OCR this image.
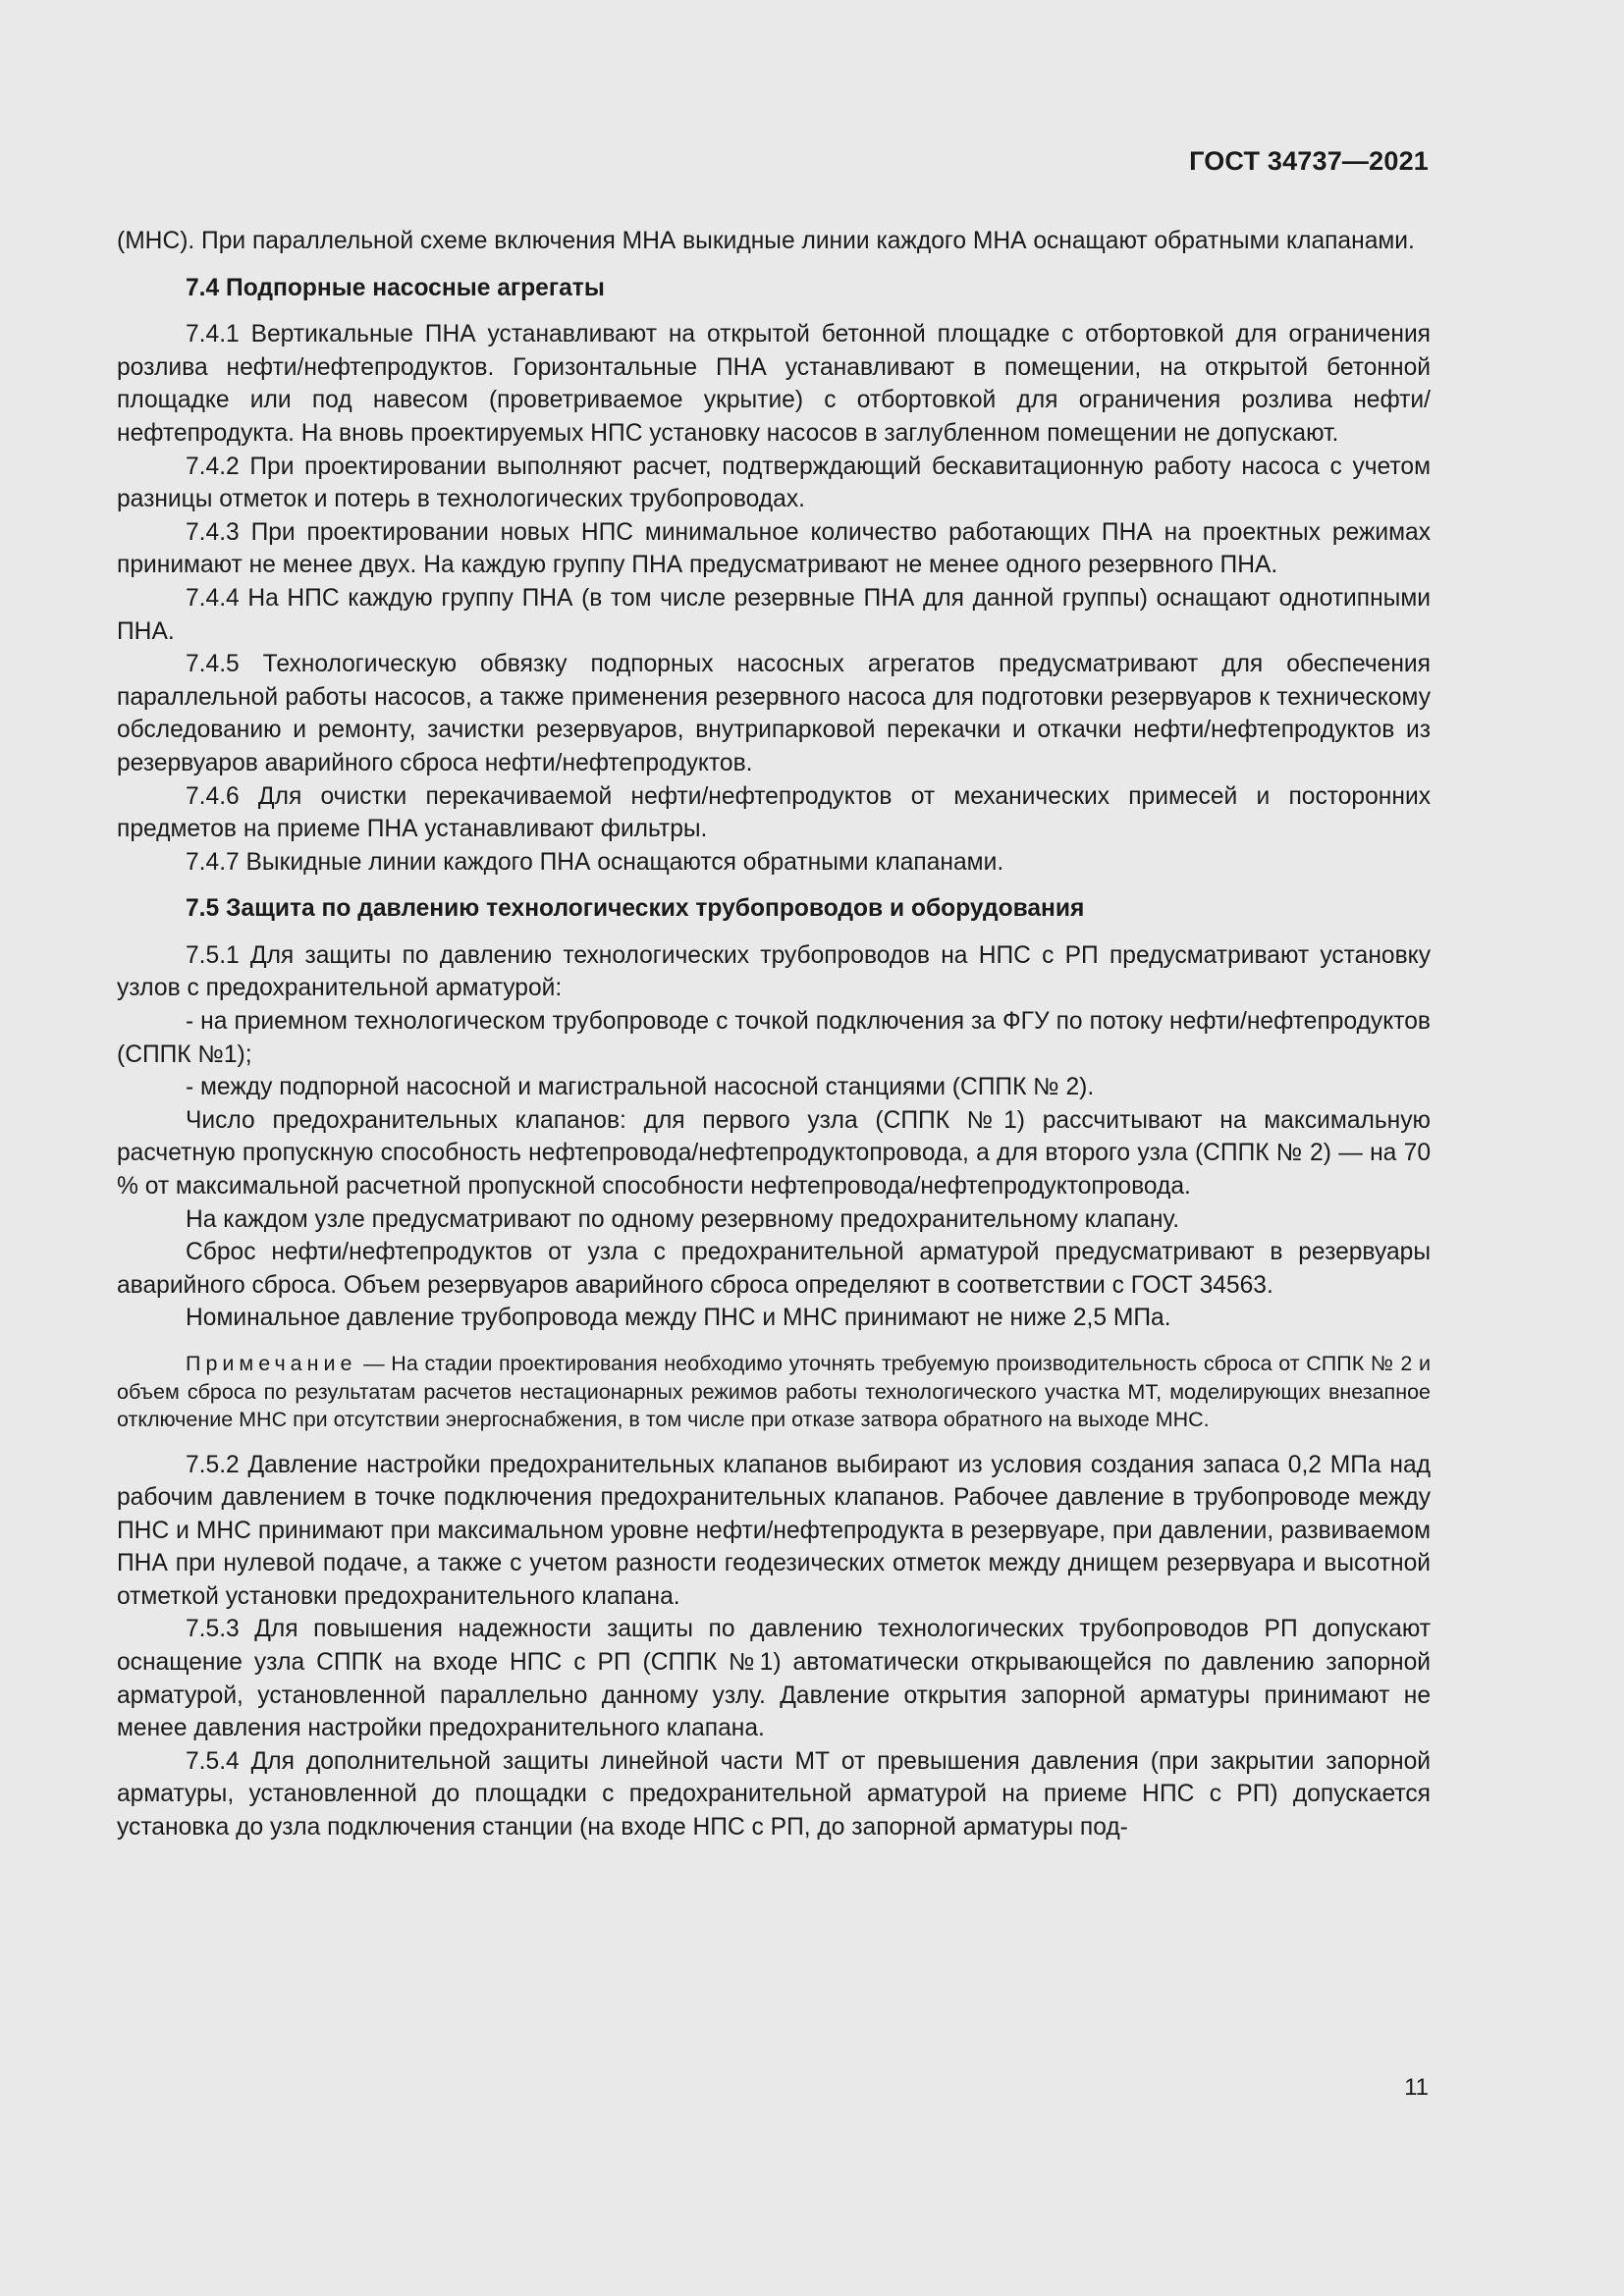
ГОСТ 34737—2021

(МНС). При параллельной схеме включения МНА выкидные линии каждого МНА оснащают обратными клапанами.

7.4 Подпорные насосные агрегаты

7.4.1 Вертикальные ПНА устанавливают на открытой бетонной площадке с отбортовкой для ограничения розлива нефти/нефтепродуктов. Горизонтальные ПНА устанавливают в помещении, на открытой бетонной площадке или под навесом (проветриваемое укрытие) с отбортовкой для ограничения розлива нефти/нефтепродукта. На вновь проектируемых НПС установку насосов в заглубленном помещении не допускают.

7.4.2 При проектировании выполняют расчет, подтверждающий бескавитационную работу насоса с учетом разницы отметок и потерь в технологических трубопроводах.

7.4.3 При проектировании новых НПС минимальное количество работающих ПНА на проектных режимах принимают не менее двух. На каждую группу ПНА предусматривают не менее одного резервного ПНА.

7.4.4 На НПС каждую группу ПНА (в том числе резервные ПНА для данной группы) оснащают однотипными ПНА.

7.4.5 Технологическую обвязку подпорных насосных агрегатов предусматривают для обеспечения параллельной работы насосов, а также применения резервного насоса для подготовки резервуаров к техническому обследованию и ремонту, зачистки резервуаров, внутрипарковой перекачки и откачки нефти/нефтепродуктов из резервуаров аварийного сброса нефти/нефтепродуктов.

7.4.6 Для очистки перекачиваемой нефти/нефтепродуктов от механических примесей и посторонних предметов на приеме ПНА устанавливают фильтры.

7.4.7 Выкидные линии каждого ПНА оснащаются обратными клапанами.

7.5 Защита по давлению технологических трубопроводов и оборудования

7.5.1 Для защиты по давлению технологических трубопроводов на НПС с РП предусматривают установку узлов с предохранительной арматурой:

- на приемном технологическом трубопроводе с точкой подключения за ФГУ по потоку нефти/нефтепродуктов (СППК №1);

- между подпорной насосной и магистральной насосной станциями (СППК № 2).

Число предохранительных клапанов: для первого узла (СППК №1) рассчитывают на максимальную расчетную пропускную способность нефтепровода/нефтепродуктопровода, а для второго узла (СППК № 2) — на 70 % от максимальной расчетной пропускной способности нефтепровода/нефтепродуктопровода.

На каждом узле предусматривают по одному резервному предохранительному клапану.

Сброс нефти/нефтепродуктов от узла с предохранительной арматурой предусматривают в резервуары аварийного сброса. Объем резервуаров аварийного сброса определяют в соответствии с ГОСТ 34563.

Номинальное давление трубопровода между ПНС и МНС принимают не ниже 2,5 МПа.

Примечание — На стадии проектирования необходимо уточнять требуемую производительность сброса от СППК № 2 и объем сброса по результатам расчетов нестационарных режимов работы технологического участка МТ, моделирующих внезапное отключение МНС при отсутствии энергоснабжения, в том числе при отказе затвора обратного на выходе МНС.

7.5.2 Давление настройки предохранительных клапанов выбирают из условия создания запаса 0,2 МПа над рабочим давлением в точке подключения предохранительных клапанов. Рабочее давление в трубопроводе между ПНС и МНС принимают при максимальном уровне нефти/нефтепродукта в резервуаре, при давлении, развиваемом ПНА при нулевой подаче, а также с учетом разности геодезических отметок между днищем резервуара и высотной отметкой установки предохранительного клапана.

7.5.3 Для повышения надежности защиты по давлению технологических трубопроводов РП допускают оснащение узла СППК на входе НПС с РП (СППК №1) автоматически открывающейся по давлению запорной арматурой, установленной параллельно данному узлу. Давление открытия запорной арматуры принимают не менее давления настройки предохранительного клапана.

7.5.4 Для дополнительной защиты линейной части МТ от превышения давления (при закрытии запорной арматуры, установленной до площадки с предохранительной арматурой на приеме НПС с РП) допускается установка до узла подключения станции (на входе НПС с РП, до запорной арматуры под-

11
